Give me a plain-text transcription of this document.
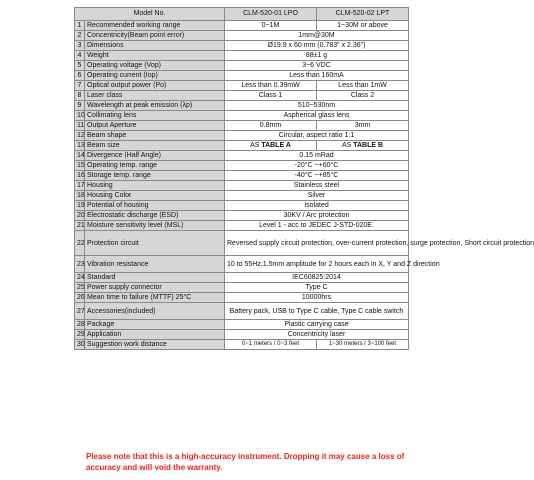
Model No.		CLM-520-01 LPO	CLM-520-02 LPT
1	Recommended working range	0~1M	1~30M or above
2	Concentricity(Beam point error)	1mm@30M	
3	Dimensions	Ø19.9 x 60 mm (0.783" x 2.36")	
4	Weight	88±1 g	
5	Operating voltage (Vop)	3~6 VDC	
6	Operating current (Iop)	Less than 160mA	
7	Optical output power (Po)	Less than 0.39mW	Less than 1mW
8	Laser class	Class 1	Class 2
9	Wavelength at peak emission (λp)	510~530nm	
10	Collimating lens	Aspherical glass lens	
11	Output Aperture	0.8mm	3mm
12	Beam shape	Circular, aspect ratio 1:1	
13	Beam size	AS TABLE A	AS TABLE B
14	Divergence (Half Angle)	0.15 mRad	
15	Operating temp. range	-20°C ~+60°C	
16	Storage temp. range	-40°C ~+85°C	
17	Housing	Stainless steel	
18	Housing Color	Silver	
19	Potential of housing	Isolated	
20	Electrostatic discharge (ESD)	30KV / Arc protection	
21	Moisture sensitivity level (MSL)	Level 1 - acc to JEDEC J-STD-020E.	
22	Protection circuit	Reversed supply circuit protection, over-current protection, surge protection, Short circuit protection	
23	Vibration resistance	10 to 55Hz,1.5mm amplitude for 2 hours each in X, Y and Z direction	
24	Standard	IEC60825:2014	
25	Power supply connector	Type C	
26	Mean time to failure (MTTF) 25°C	10000hrs	
27	Accessories(included)	Battery pack, USB to Type C cable, Type C cable switch	
28	Package	Plastic carrying case	
29	Application	Concentricity laser	
30	Suggestion work distance	0~1 meters / 0~3 feet	1~30 meters / 3~100 feet
Please note that this is a high-accuracy instrument. Dropping it may cause a loss of accuracy and will void the warranty.
